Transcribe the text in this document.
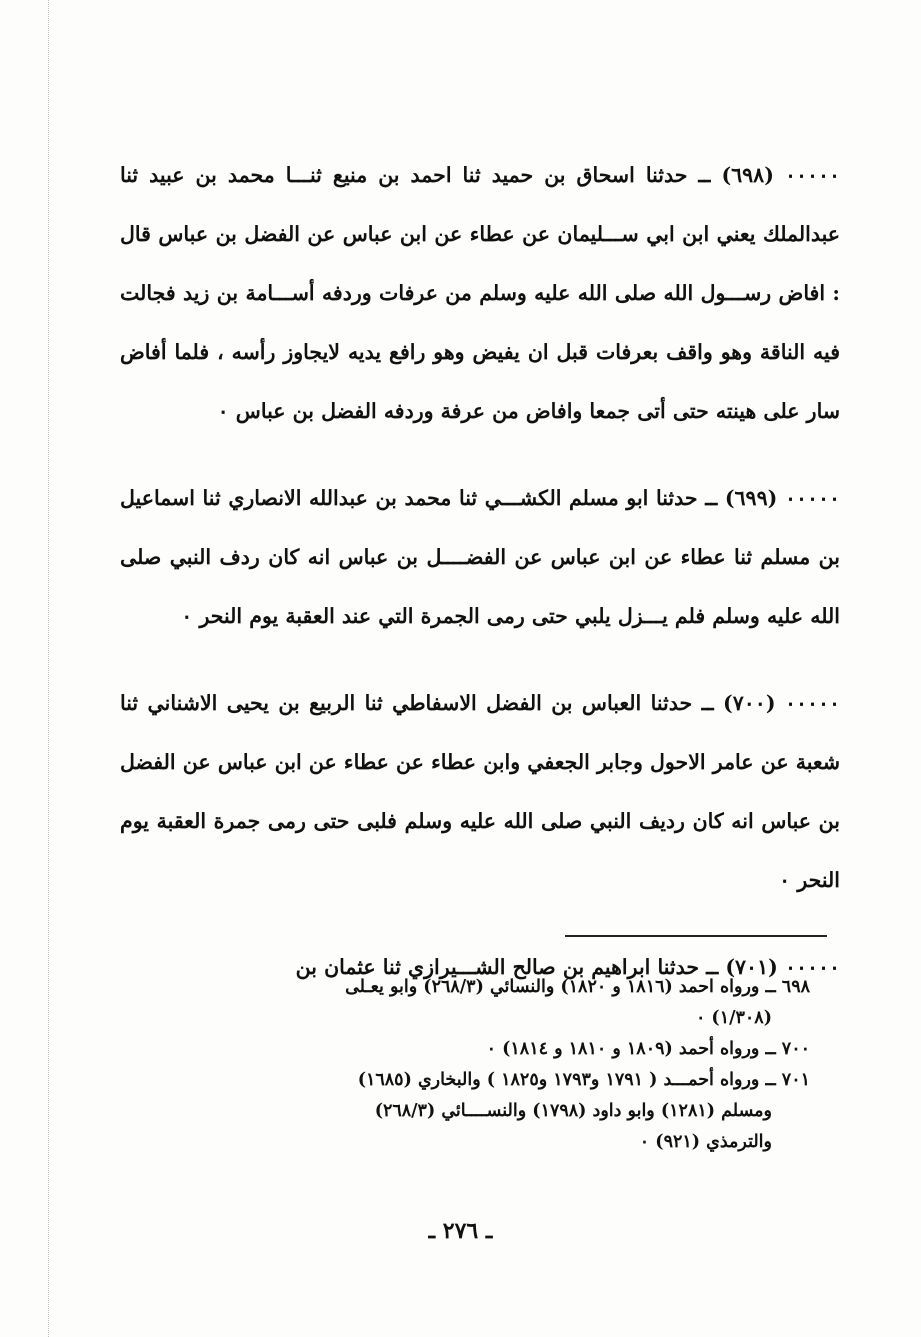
٠٠٠٠٠ (٦٩٨) ــ حدثنا اسحاق بن حميد ثنا احمد بن منيع ثنـــا محمد بن عبيد ثنا عبدالملك يعني ابن ابي ســـليمان عن عطاء عن ابن عباس عن الفضل بن عباس قال : افاض رســـول الله صلى الله عليه وسلم من عرفات وردفه أســـامة بن زيد فجالت فيه الناقة وهو واقف بعرفات قبل ان يفيض وهو رافع يديه لايجاوز رأسه ، فلما أفاض سار على هينته حتى أتى جمعا وافاض من عرفة وردفه الفضل بن عباس ٠

٠٠٠٠٠ (٦٩٩) ــ حدثنا ابو مسلم الكشـــي ثنا محمد بن عبدالله الانصاري ثنا اسماعيل بن مسلم ثنا عطاء عن ابن عباس عن الفضــــل بن عباس انه كان ردف النبي صلى الله عليه وسلم فلم يـــزل يلبي حتى رمى الجمرة التي عند العقبة يوم النحر ٠

٠٠٠٠٠ (٧٠٠) ــ حدثنا العباس بن الفضل الاسفاطي ثنا الربيع بن يحيى الاشناني ثنا شعبة عن عامر الاحول وجابر الجعفي وابن عطاء عن عطاء عن ابن عباس عن الفضل بن عباس انه كان رديف النبي صلى الله عليه وسلم فلبى حتى رمى جمرة العقبة يوم النحر ٠

٠٠٠٠٠ (٧٠١) ــ حدثنا ابراهيم بن صالح الشـــيرازي ثنا عثمان بن

٦٩٨ ــ ورواه احمد (١٨١٦ و ١٨٢٠) والنسائي (٢٦٨/٣) وابو يعـلى
(١/٣٠٨) ٠
٧٠٠ ــ ورواه أحمد (١٨٠٩ و ١٨١٠ و ١٨١٤) ٠
٧٠١ ــ ورواه أحمـــد ( ١٧٩١ و١٧٩٣ و١٨٢٥ ) والبخاري (١٦٨٥)
ومسلم (١٢٨١) وابو داود (١٧٩٨) والنســــائي (٢٦٨/٣)
والترمذي (٩٢١) ٠
ـ ٢٧٦ ـ
